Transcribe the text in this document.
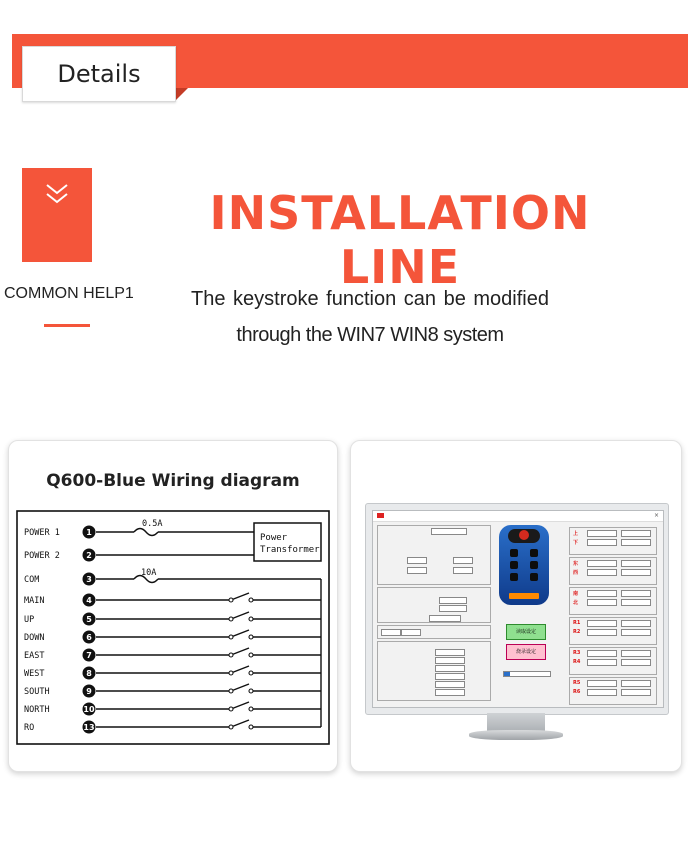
Details
COMMON HELP1
INSTALLATION LINE
The keystroke function can be modified
through the WIN7 WIN8 system
Q600-Blue Wiring diagram
Power
Transformer
0.5A
10A
POWER 1	1
POWER 2	2
COM	3
MAIN	4
UP	5
DOWN	6
EAST	7
WEST	8
SOUTH	9
NORTH	10
RO	13
×
读取设定
烧录设定
上
下
东
西
南
北
R1
R2
R3
R4
R5
R6
